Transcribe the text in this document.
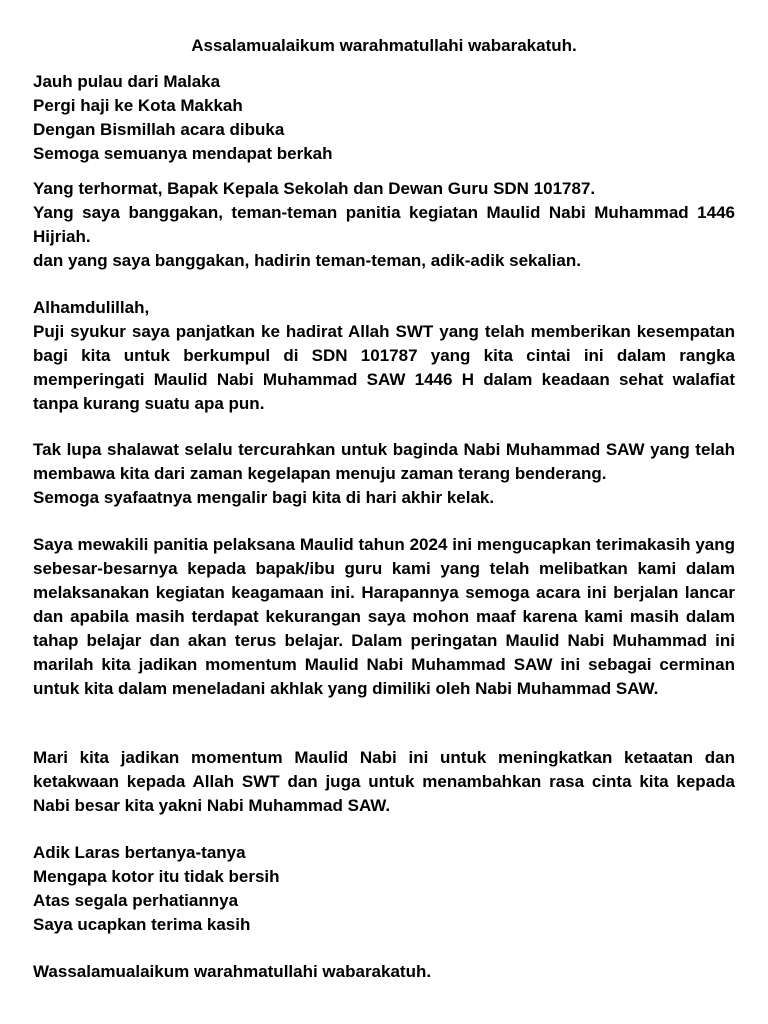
Assalamualaikum warahmatullahi wabarakatuh.
Jauh pulau dari Malaka
Pergi haji ke Kota Makkah
Dengan Bismillah acara dibuka
Semoga semuanya mendapat berkah
Yang terhormat, Bapak Kepala Sekolah dan Dewan Guru SDN 101787.
Yang saya banggakan, teman-teman panitia kegiatan Maulid Nabi Muhammad 1446 Hijriah.
dan yang saya banggakan, hadirin teman-teman, adik-adik sekalian.
Alhamdulillah,
Puji syukur saya panjatkan ke hadirat Allah SWT yang telah memberikan kesempatan bagi kita untuk berkumpul di SDN 101787 yang kita cintai ini dalam rangka memperingati Maulid Nabi Muhammad SAW 1446 H dalam keadaan sehat walafiat tanpa kurang suatu apa pun.
Tak lupa shalawat selalu tercurahkan untuk baginda Nabi Muhammad SAW yang telah membawa kita dari zaman kegelapan menuju zaman terang benderang.
Semoga syafaatnya mengalir bagi kita di hari akhir kelak.
Saya mewakili panitia pelaksana Maulid tahun 2024 ini mengucapkan terimakasih yang sebesar-besarnya kepada bapak/ibu guru kami yang telah melibatkan kami dalam melaksanakan kegiatan keagamaan ini. Harapannya semoga acara ini berjalan lancar dan apabila masih terdapat kekurangan saya mohon maaf karena kami masih dalam tahap belajar dan akan terus belajar. Dalam peringatan Maulid Nabi Muhammad ini marilah kita jadikan momentum Maulid Nabi Muhammad SAW ini sebagai cerminan untuk kita dalam meneladani akhlak yang dimiliki oleh Nabi Muhammad SAW.
Mari kita jadikan momentum Maulid Nabi ini untuk meningkatkan ketaatan dan ketakwaan kepada Allah SWT dan juga untuk menambahkan rasa cinta kita kepada Nabi besar kita yakni Nabi Muhammad SAW.
Adik Laras bertanya-tanya
Mengapa kotor itu tidak bersih
Atas segala perhatiannya
Saya ucapkan terima kasih
Wassalamualaikum warahmatullahi wabarakatuh.
